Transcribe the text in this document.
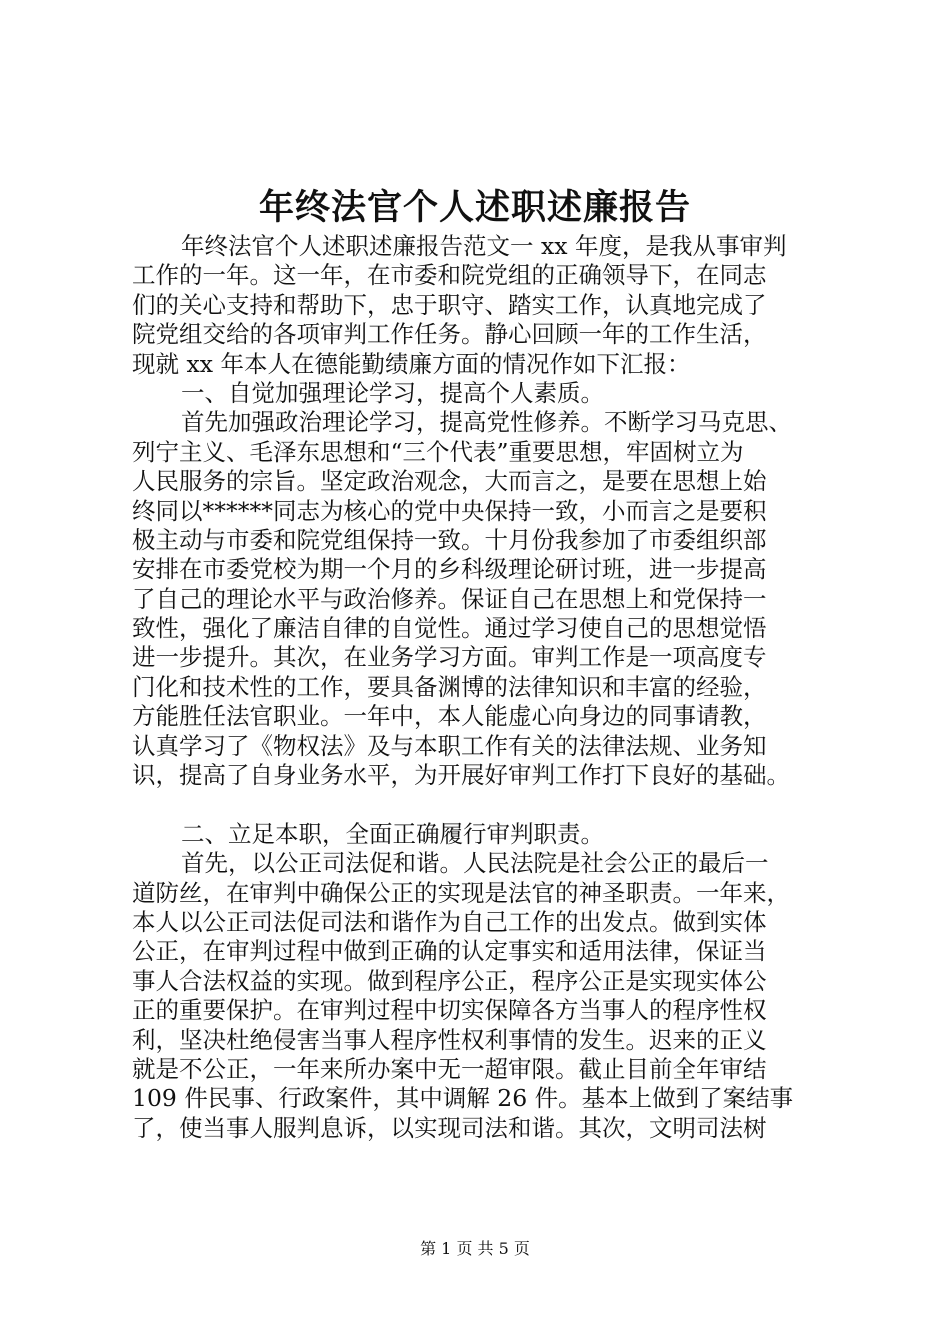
年终法官个人述职述廉报告
年终法官个人述职述廉报告范文一 xx 年度，是我从事审判
工作的一年。这一年，在市委和院党组的正确领导下，在同志
们的关心支持和帮助下，忠于职守、踏实工作，认真地完成了
院党组交给的各项审判工作任务。静心回顾一年的工作生活，
现就 xx 年本人在德能勤绩廉方面的情况作如下汇报：
一、自觉加强理论学习，提高个人素质。
首先加强政治理论学习，提高党性修养。不断学习马克思、
列宁主义、毛泽东思想和“三个代表”重要思想，牢固树立为
人民服务的宗旨。坚定政治观念，大而言之，是要在思想上始
终同以******同志为核心的党中央保持一致，小而言之是要积
极主动与市委和院党组保持一致。十月份我参加了市委组织部
安排在市委党校为期一个月的乡科级理论研讨班，进一步提高
了自己的理论水平与政治修养。保证自己在思想上和党保持一
致性，强化了廉洁自律的自觉性。通过学习使自己的思想觉悟
进一步提升。其次，在业务学习方面。审判工作是一项高度专
门化和技术性的工作，要具备渊博的法律知识和丰富的经验，
方能胜任法官职业。一年中，本人能虚心向身边的同事请教，
认真学习了《物权法》及与本职工作有关的法律法规、业务知
识，提高了自身业务水平，为开展好审判工作打下良好的基础。
二、立足本职，全面正确履行审判职责。
首先，以公正司法促和谐。人民法院是社会公正的最后一
道防丝，在审判中确保公正的实现是法官的神圣职责。一年来，
本人以公正司法促司法和谐作为自己工作的出发点。做到实体
公正，在审判过程中做到正确的认定事实和适用法律，保证当
事人合法权益的实现。做到程序公正，程序公正是实现实体公
正的重要保护。在审判过程中切实保障各方当事人的程序性权
利，坚决杜绝侵害当事人程序性权利事情的发生。迟来的正义
就是不公正，一年来所办案中无一超审限。截止目前全年审结
109 件民事、行政案件，其中调解 26 件。基本上做到了案结事
了，使当事人服判息诉，以实现司法和谐。其次，文明司法树
第 1 页 共 5 页
